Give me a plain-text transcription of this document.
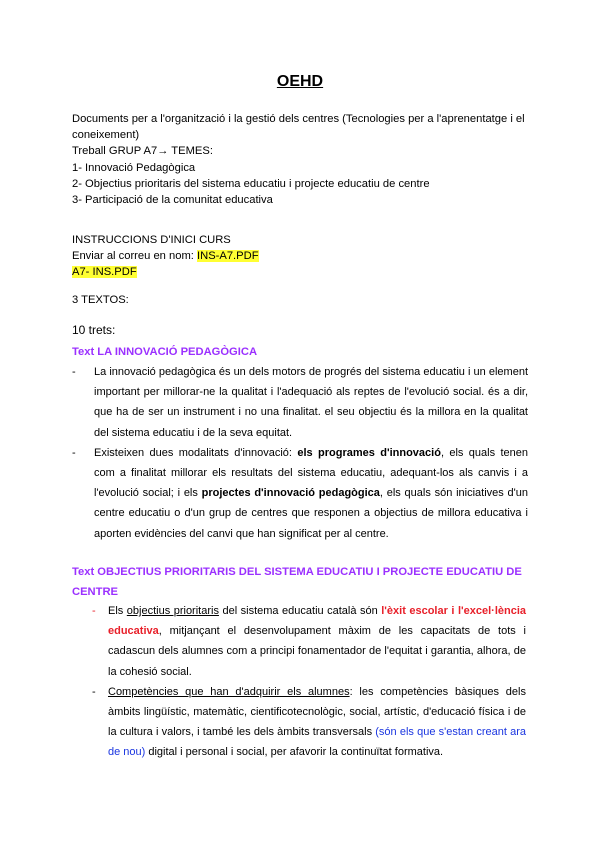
OEHD
Documents per a l'organització i la gestió dels centres (Tecnologies per a l'aprenentatge i el coneixement)
Treball GRUP A7→ TEMES:
1- Innovació Pedagògica
2- Objectius prioritaris del sistema educatiu i projecte educatiu de centre
3- Participació de la comunitat educativa
INSTRUCCIONS D'INICI CURS
Enviar al correu en nom: INS-A7.PDF
A7- INS.PDF
3 TEXTOS:
10 trets:
Text LA INNOVACIÓ PEDAGÒGICA
- La innovació pedagògica és un dels motors de progrés del sistema educatiu i un element important per millorar-ne la qualitat i l'adequació als reptes de l'evolució social. és a dir, que ha de ser un instrument i no una finalitat. el seu objectiu és la millora en la qualitat del sistema educatiu i de la seva equitat.
- Existeixen dues modalitats d'innovació: els programes d'innovació, els quals tenen com a finalitat millorar els resultats del sistema educatiu, adequant-los als canvis i a l'evolució social; i els projectes d'innovació pedagògica, els quals són iniciatives d'un centre educatiu o d'un grup de centres que responen a objectius de millora educativa i aporten evidències del canvi que han significat per al centre.
Text OBJECTIUS PRIORITARIS DEL SISTEMA EDUCATIU I PROJECTE EDUCATIU DE CENTRE
- Els objectius prioritaris del sistema educatiu català són l'èxit escolar i l'excel·lència educativa, mitjançant el desenvolupament màxim de les capacitats de tots i cadascun dels alumnes com a principi fonamentador de l'equitat i garantia, alhora, de la cohesió social.
- Competències que han d'adquirir els alumnes: les competències bàsiques dels àmbits lingüístic, matemàtic, cientificotecnològic, social, artístic, d'educació física i de la cultura i valors, i també les dels àmbits transversals (són els que s'estan creant ara de nou) digital i personal i social, per afavorir la continuïtat formativa.
